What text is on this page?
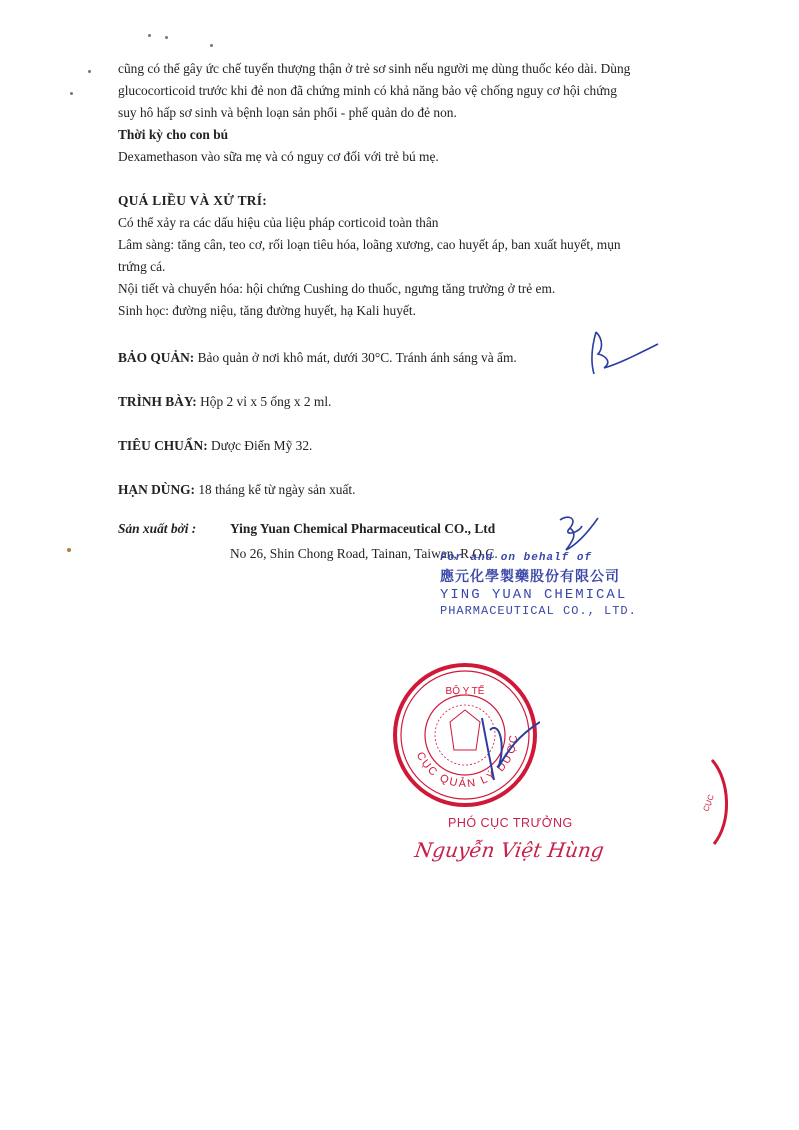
cũng có thể gây ức chế tuyến thượng thận ở trẻ sơ sinh nếu người mẹ dùng thuốc kéo dài. Dùng

glucocorticoid trước khi đẻ non đã chứng minh có khả năng bảo vệ chống nguy cơ hội chứng

suy hô hấp sơ sinh và bệnh loạn sản phổi - phế quản do đẻ non.

Thời kỳ cho con bú

Dexamethason vào sữa mẹ và có nguy cơ đối với trẻ bú mẹ.

QUÁ LIỀU VÀ XỬ TRÍ:

Có thể xảy ra các dấu hiệu của liệu pháp corticoid toàn thân

Lâm sàng: tăng cân, teo cơ, rối loạn tiêu hóa, loãng xương, cao huyết áp, ban xuất huyết, mụn

trứng cá.

Nội tiết và chuyển hóa: hội chứng Cushing do thuốc, ngưng tăng trưởng ở trẻ em.

Sinh học: đường niệu, tăng đường huyết, hạ Kali huyết.

BẢO QUẢN: Bảo quản ở nơi khô mát, dưới 30°C. Tránh ánh sáng và ẩm.
TRÌNH BÀY: Hộp 2 vỉ x 5 ống x 2 ml.
TIÊU CHUẨN: Dược Điển Mỹ 32.
HẠN DÙNG: 18 tháng kể từ ngày sản xuất.
Sản xuất bởi :	Ying Yuan Chemical Pharmaceutical CO., Ltd
No 26, Shin Chong Road, Tainan, Taiwan, R.O.C.
For and on behalf of
應元化學製藥股份有限公司
YING YUAN CHEMICAL
PHARMACEUTICAL CO., LTD.
CỤC QUẢN LÝ DƯỢC
BỘ Y TẾ
PHÓ CỤC TRƯỞNG
Nguyễn Việt Hùng
CỤC
